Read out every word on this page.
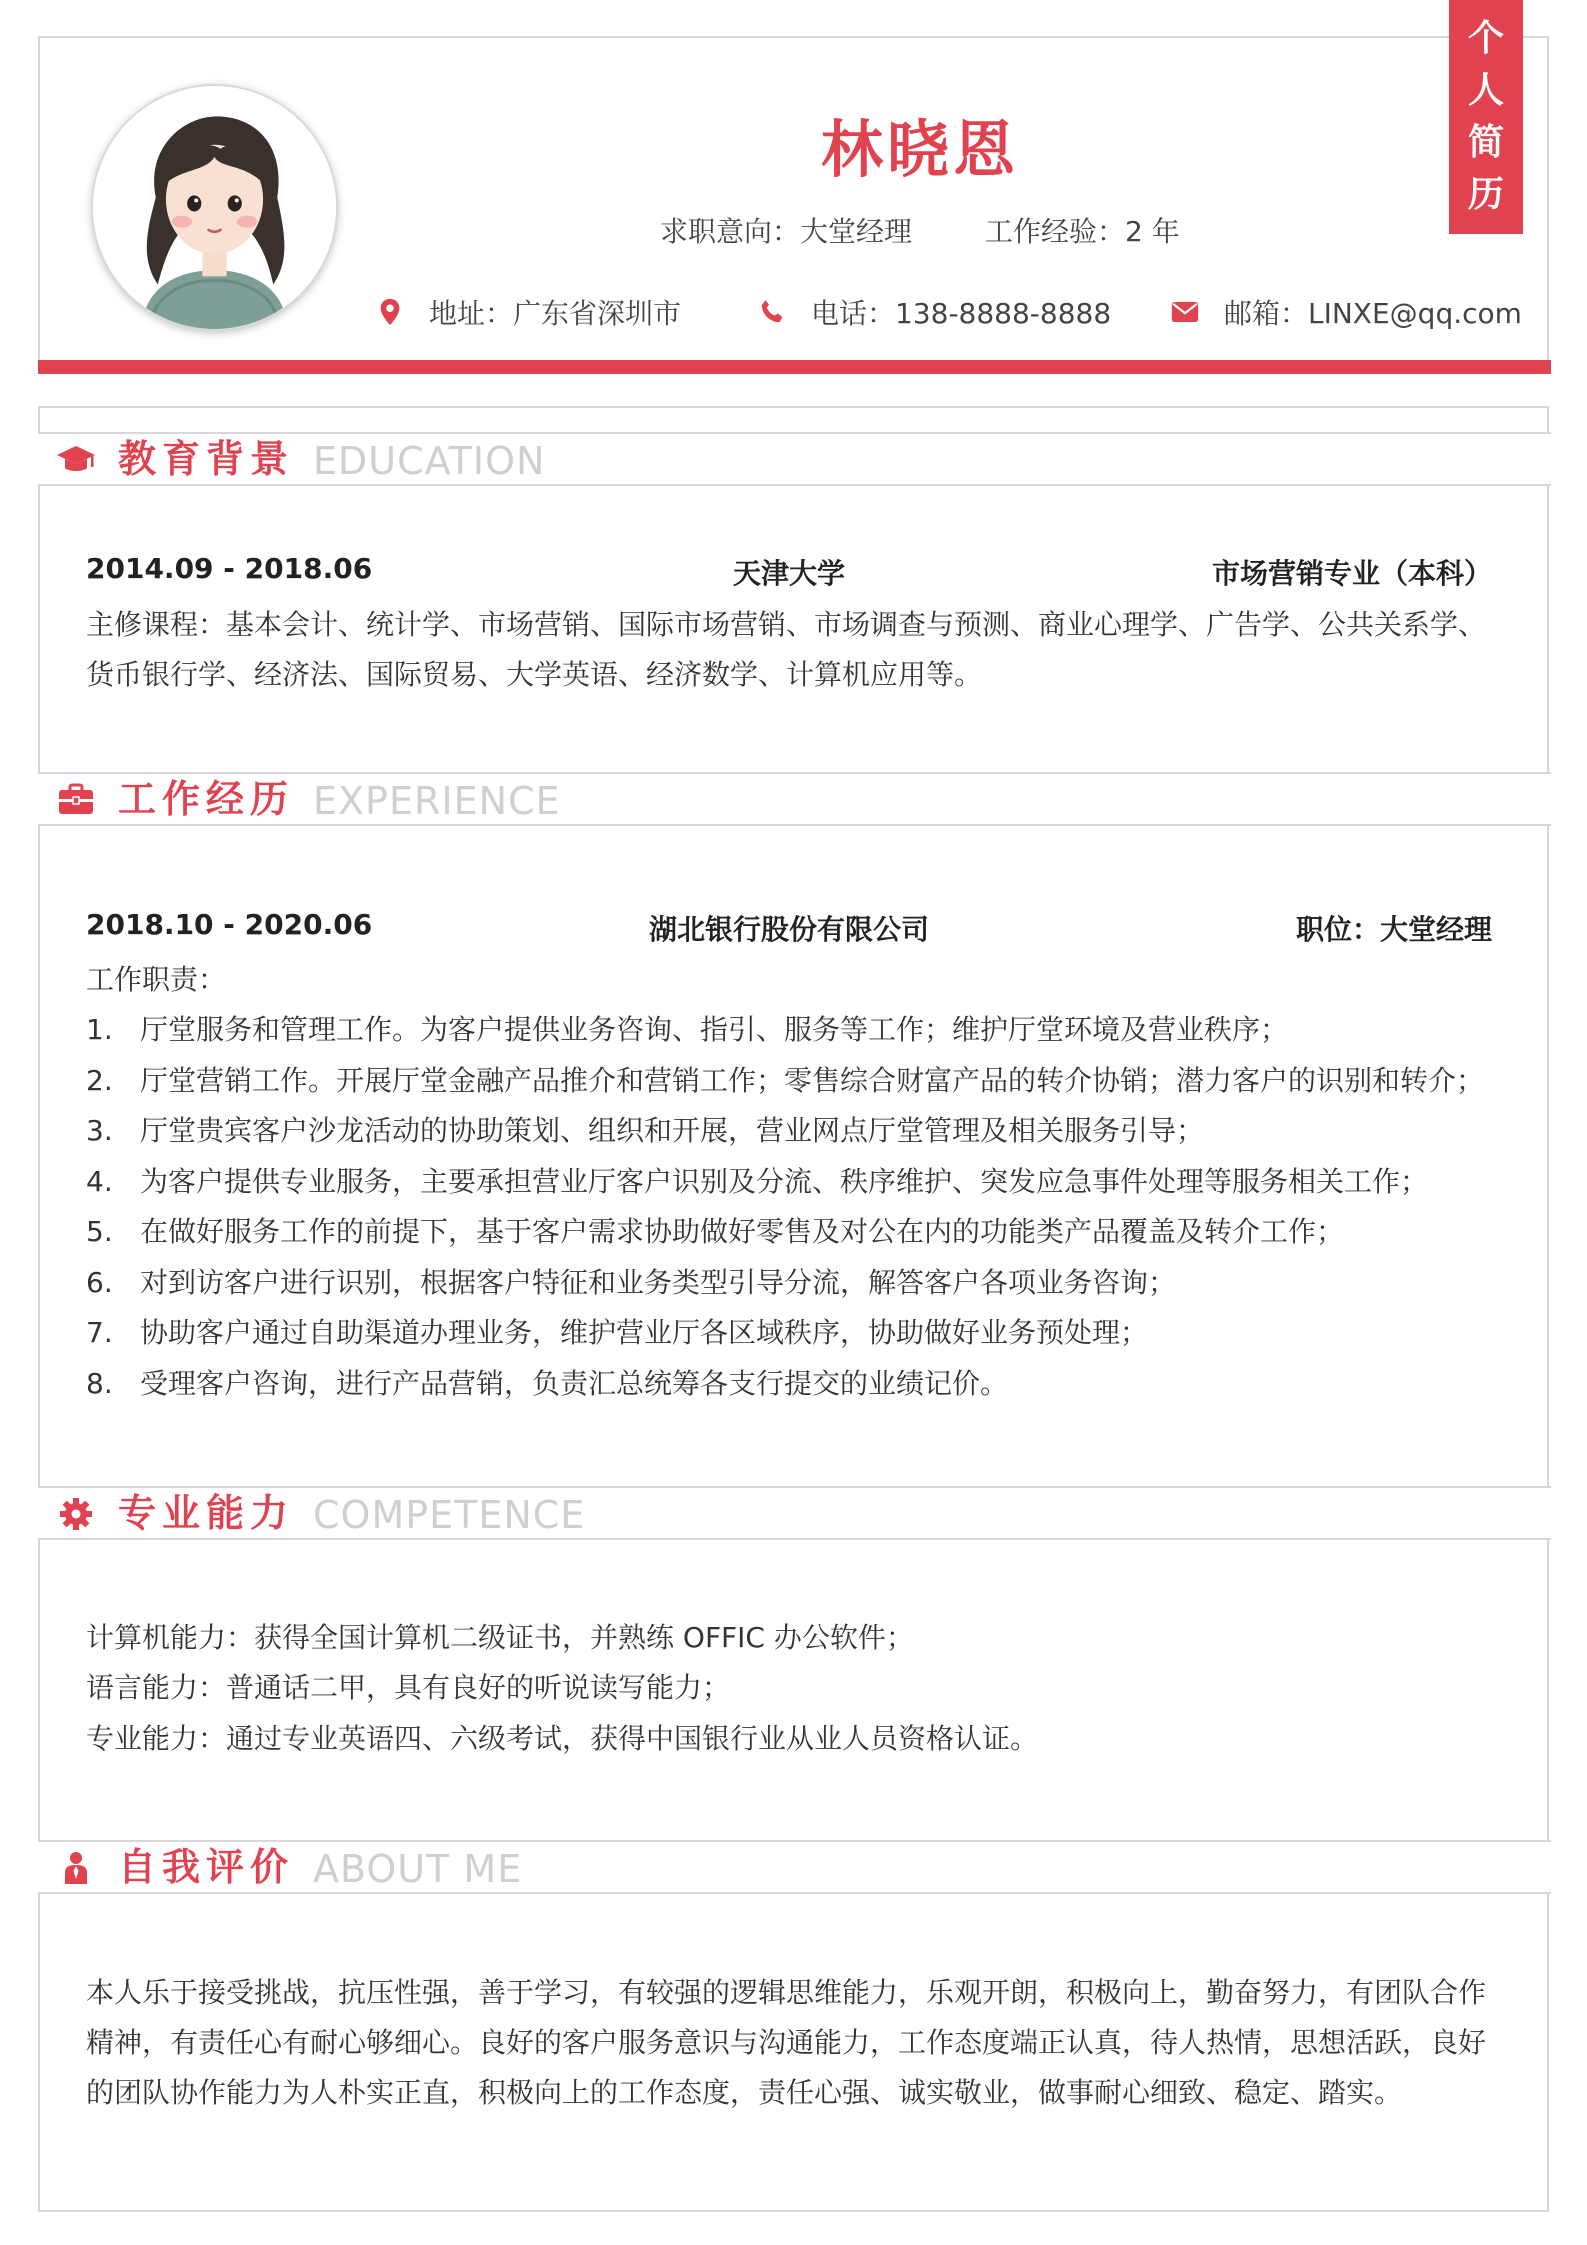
林晓恩
求职意向：大堂经理	工作经验：2 年
地址：广东省深圳市	电话：138-8888-8888	邮箱：LINXE@qq.com
个
人
简
历
教育背景 EDUCATION
2014.09 - 2018.06	天津大学	市场营销专业（本科）
主修课程：基本会计、统计学、市场营销、国际市场营销、市场调查与预测、商业心理学、广告学、公共关系学、货币银行学、经济法、国际贸易、大学英语、经济数学、计算机应用等。
工作经历 EXPERIENCE
2018.10 - 2020.06	湖北银行股份有限公司	职位：大堂经理
工作职责：
1. 厅堂服务和管理工作。为客户提供业务咨询、指引、服务等工作；维护厅堂环境及营业秩序；
2. 厅堂营销工作。开展厅堂金融产品推介和营销工作；零售综合财富产品的转介协销；潜力客户的识别和转介；
3. 厅堂贵宾客户沙龙活动的协助策划、组织和开展，营业网点厅堂管理及相关服务引导；
4. 为客户提供专业服务，主要承担营业厅客户识别及分流、秩序维护、突发应急事件处理等服务相关工作；
5. 在做好服务工作的前提下，基于客户需求协助做好零售及对公在内的功能类产品覆盖及转介工作；
6. 对到访客户进行识别，根据客户特征和业务类型引导分流，解答客户各项业务咨询；
7. 协助客户通过自助渠道办理业务，维护营业厅各区域秩序，协助做好业务预处理；
8. 受理客户咨询，进行产品营销，负责汇总统筹各支行提交的业绩记价。
专业能力 COMPETENCE
计算机能力：获得全国计算机二级证书，并熟练 OFFIC 办公软件；
语言能力：普通话二甲，具有良好的听说读写能力；
专业能力：通过专业英语四、六级考试，获得中国银行业从业人员资格认证。
自我评价 ABOUT ME
本人乐于接受挑战，抗压性强，善于学习，有较强的逻辑思维能力，乐观开朗，积极向上，勤奋努力，有团队合作精神，有责任心有耐心够细心。良好的客户服务意识与沟通能力，工作态度端正认真，待人热情，思想活跃，良好的团队协作能力为人朴实正直，积极向上的工作态度，责任心强、诚实敬业，做事耐心细致、稳定、踏实。
